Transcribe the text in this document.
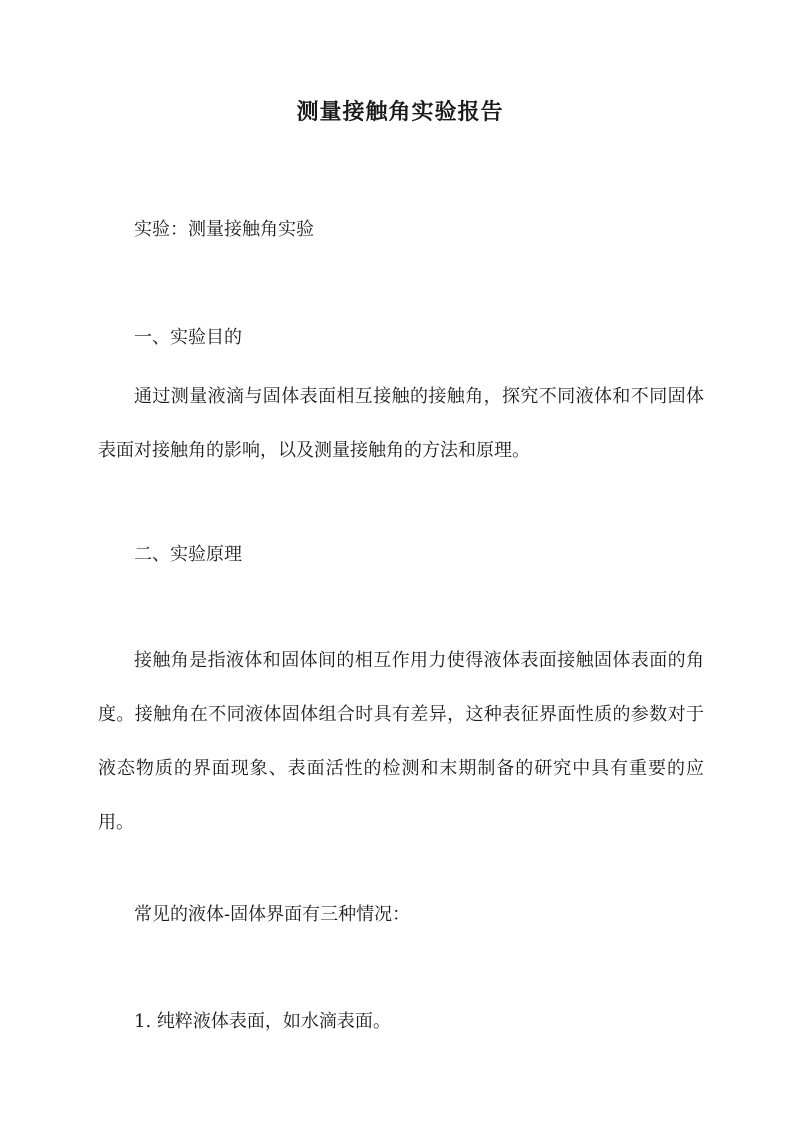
测量接触角实验报告
实验：测量接触角实验
一、实验目的

通过测量液滴与固体表面相互接触的接触角，探究不同液体和不同固体表面对接触角的影响，以及测量接触角的方法和原理。

二、实验原理

接触角是指液体和固体间的相互作用力使得液体表面接触固体表面的角度。接触角在不同液体固体组合时具有差异，这种表征界面性质的参数对于液态物质的界面现象、表面活性的检测和末期制备的研究中具有重要的应用。

常见的液体-固体界面有三种情况：
1. 纯粹液体表面，如水滴表面。
